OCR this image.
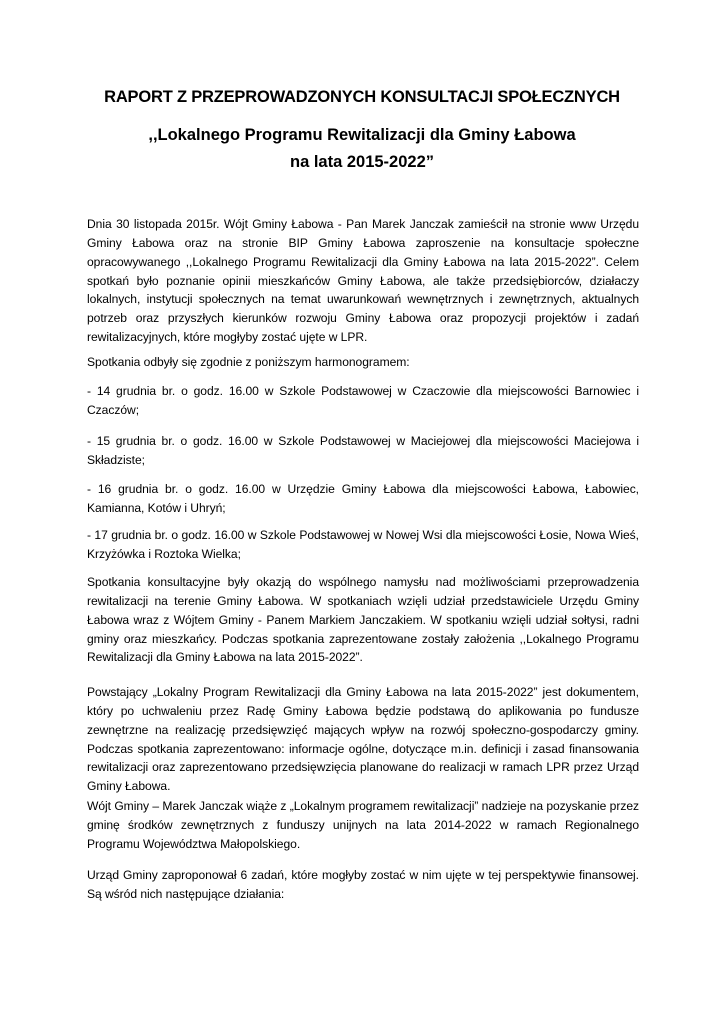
RAPORT Z PRZEPROWADZONYCH KONSULTACJI SPOŁECZNYCH
,,Lokalnego Programu Rewitalizacji dla Gminy Łabowa
na lata 2015-2022”

Dnia 30 listopada 2015r. Wójt Gminy Łabowa - Pan Marek Janczak zamieścił na stronie www Urzędu Gminy Łabowa oraz na stronie BIP Gminy Łabowa zaproszenie na konsultacje społeczne opracowywanego ,,Lokalnego Programu Rewitalizacji dla Gminy Łabowa na lata 2015-2022”. Celem spotkań było poznanie opinii mieszkańców Gminy Łabowa, ale także przedsiębiorców, działaczy lokalnych, instytucji społecznych na temat uwarunkowań wewnętrznych i zewnętrznych, aktualnych potrzeb oraz przyszłych kierunków rozwoju Gminy Łabowa oraz propozycji projektów i zadań rewitalizacyjnych, które mogłyby zostać ujęte w LPR.

Spotkania odbyły się zgodnie z poniższym harmonogramem:

- 14 grudnia br. o godz. 16.00 w Szkole Podstawowej w Czaczowie dla miejscowości Barnowiec i Czaczów;

- 15 grudnia br. o godz. 16.00 w Szkole Podstawowej w Maciejowej dla miejscowości Maciejowa i Składziste;

- 16 grudnia br. o godz. 16.00 w Urzędzie Gminy Łabowa dla miejscowości Łabowa, Łabowiec, Kamianna, Kotów i Uhryń;

- 17 grudnia br. o godz. 16.00 w Szkole Podstawowej w Nowej Wsi dla miejscowości Łosie, Nowa Wieś, Krzyżówka i Roztoka Wielka;

Spotkania konsultacyjne były okazją do wspólnego namysłu nad możliwościami przeprowadzenia rewitalizacji na terenie Gminy Łabowa. W spotkaniach wzięli udział przedstawiciele Urzędu Gminy Łabowa wraz z Wójtem Gminy - Panem Markiem Janczakiem. W spotkaniu wzięli udział sołtysi, radni gminy oraz mieszkańcy. Podczas spotkania zaprezentowane zostały założenia ,,Lokalnego Programu Rewitalizacji dla Gminy Łabowa na lata 2015-2022”.

Powstający „Lokalny Program Rewitalizacji dla Gminy Łabowa na lata 2015-2022” jest dokumentem, który po uchwaleniu przez Radę Gminy Łabowa będzie podstawą do aplikowania po fundusze zewnętrzne na realizację przedsięwzięć mających wpływ na rozwój społeczno-gospodarczy gminy. Podczas spotkania zaprezentowano: informacje ogólne, dotyczące m.in. definicji i zasad finansowania rewitalizacji oraz zaprezentowano przedsięwzięcia planowane do realizacji w ramach LPR przez Urząd Gminy Łabowa.

Wójt Gminy – Marek Janczak wiąże z „Lokalnym programem rewitalizacji” nadzieje na pozyskanie przez gminę środków zewnętrznych z funduszy unijnych na lata 2014-2022 w ramach Regionalnego Programu Województwa Małopolskiego.

Urząd Gminy zaproponował 6 zadań, które mogłyby zostać w nim ujęte w tej perspektywie finansowej. Są wśród nich następujące działania:
